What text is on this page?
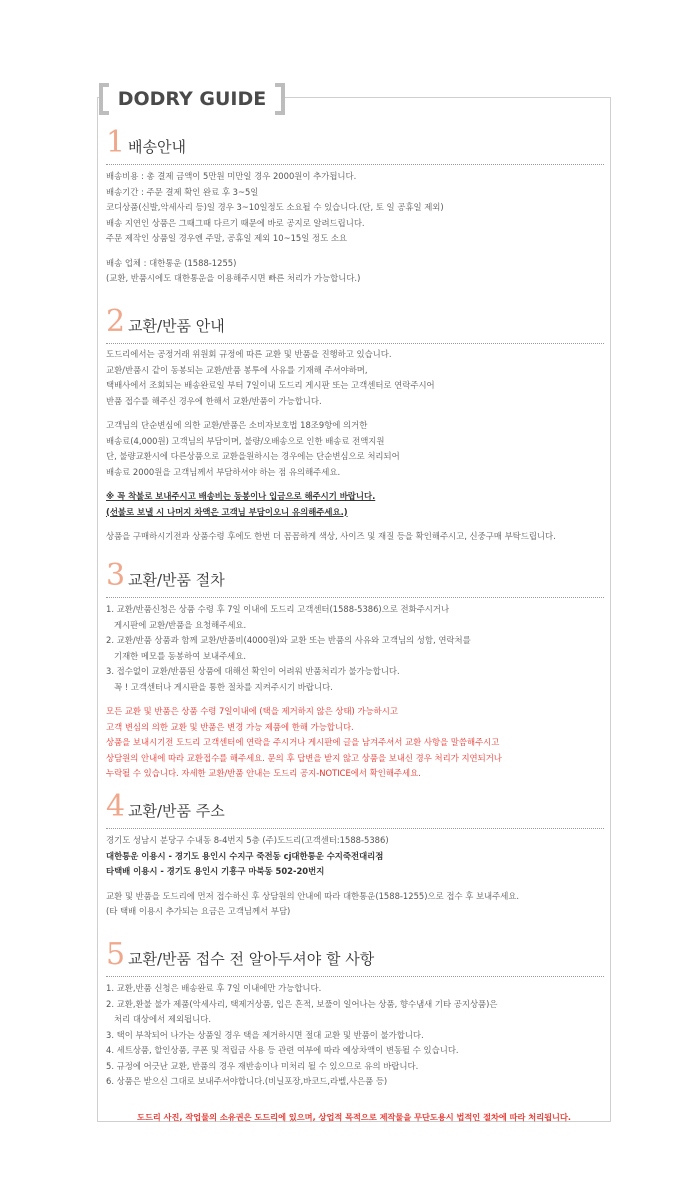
DODRY GUIDE
1 배송안내
배송비용 : 총 결제 금액이 5만원 미만일 경우 2000원이 추가됩니다.
배송기간 : 주문 결제 확인 완료 후 3~5일
코디상품(신발,악세사리 등)일 경우 3~10일정도 소요될 수 있습니다.(단, 토 일 공휴일 제외)
배송 지연인 상품은 그때그때 다르기 때문에 바로 공지로 알려드립니다.
주문 제작인 상품일 경우엔 주말, 공휴일 제외 10~15일 정도 소요
배송 업체 : 대한통운 (1588-1255)
(교환, 반품시에도 대한통운을 이용해주시면 빠른 처리가 가능합니다.)
2 교환/반품 안내
도드리에서는 공정거래 위원회 규정에 따른 교환 및 반품을 진행하고 있습니다.
교환/반품시 같이 동봉되는 교환/반품 봉투에 사유를 기재해 주셔야하며,
택배사에서 조회되는 배송완료일 부터 7일이내 도드리 게시판 또는 고객센터로 연락주시어
반품 접수를 해주신 경우에 한해서 교환/반품이 가능합니다.
고객님의 단순변심에 의한 교환/반품은 소비자보호법 18조9항에 의거한
배송료(4,000원) 고객님의 부담이며, 불량/오배송으로 인한 배송료 전액지원
단, 불량교환시에 다른상품으로 교환을원하시는 경우에는 단순변심으로 처리되어
배송료 2000원을 고객님께서 부담하셔야 하는 점 유의해주세요.
※ 꼭 착불로 보내주시고 배송비는 동봉이나 입금으로 해주시기 바랍니다.
(선불로 보낼 시 나머지 차액은 고객님 부담이오니 유의해주세요.)
상품을 구매하시기전과 상품수령 후에도 한번 더 꼼꼼하게 색상, 사이즈 및 재질 등을 확인해주시고, 신중구매 부탁드립니다.
3 교환/반품 절차
1. 교환/반품신청은 상품 수령 후 7일 이내에 도드리 고객센터(1588-5386)으로 전화주시거나
게시판에 교환/반품을 요청해주세요.
2. 교환/반품 상품과 함께 교환/반품비(4000원)와 교환 또는 반품의 사유와 고객님의 성함, 연락처를
기재한 메모를 동봉하여 보내주세요.
3. 접수없이 교환/반품된 상품에 대해선 확인이 어려워 반품처리가 불가능합니다.
꼭 ! 고객센터나 게시판을 통한 절차를 지켜주시기 바랍니다.
모든 교환 및 반품은 상품 수령 7일이내에 (택을 제거하지 않은 상태) 가능하시고
고객 변심의 의한 교환 및 반품은 변경 가능 제품에 한해 가능합니다.
상품을 보내시기전 도드리 고객센터에 연락을 주시거나 게시판에 글을 남겨주셔서 교환 사항을 말씀해주시고
상담원의 안내에 따라 교환접수를 해주세요. 문의 후 답변을 받지 않고 상품을 보내신 경우 처리가 지연되거나
누락될 수 있습니다. 자세한 교환/반품 안내는 도드리 공지-NOTICE에서 확인해주세요.
4 교환/반품 주소
경기도 성남시 분당구 수내동 8-4번지 5층 (주)도드리(고객센터:1588-5386)
대한통운 이용시 - 경기도 용인시 수지구 죽전동 cj대한통운 수지죽전대리점
타택배 이용시 - 경기도 용인시 기흥구 마북동 502-20번지
교환 및 반품을 도드리에 먼저 접수하신 후 상담원의 안내에 따라 대한통운(1588-1255)으로 접수 후 보내주세요.
(타 택배 이용시 추가되는 요금은 고객님께서 부담)
5 교환/반품 접수 전 알아두셔야 할 사항
1. 교환,반품 신청은 배송완료 후 7일 이내에만 가능합니다.
2. 교환,환불 불가 제품(악세사리, 택제거상품, 입은 흔적, 보풀이 일어나는 상품, 향수냄새 기타 공지상품)은
처리 대상에서 제외됩니다.
3. 택이 부착되어 나가는 상품일 경우 택을 제거하시면 절대 교환 및 반품이 불가합니다.
4. 세트상품, 할인상품, 쿠폰 및 적립금 사용 등 관련 여부에 따라 예상차액이 변동될 수 있습니다.
5. 규정에 어긋난 교환, 반품의 경우 재반송이나 미처리 될 수 있으므로 유의 바랍니다.
6. 상품은 받으신 그대로 보내주셔야합니다.(비닐포장,바코드,라벨,사은품 등)
도드리 사진, 작업물의 소유권은 도드리에 있으며, 상업적 목적으로 제작물을 무단도용시 법적인 절차에 따라 처리됩니다.
